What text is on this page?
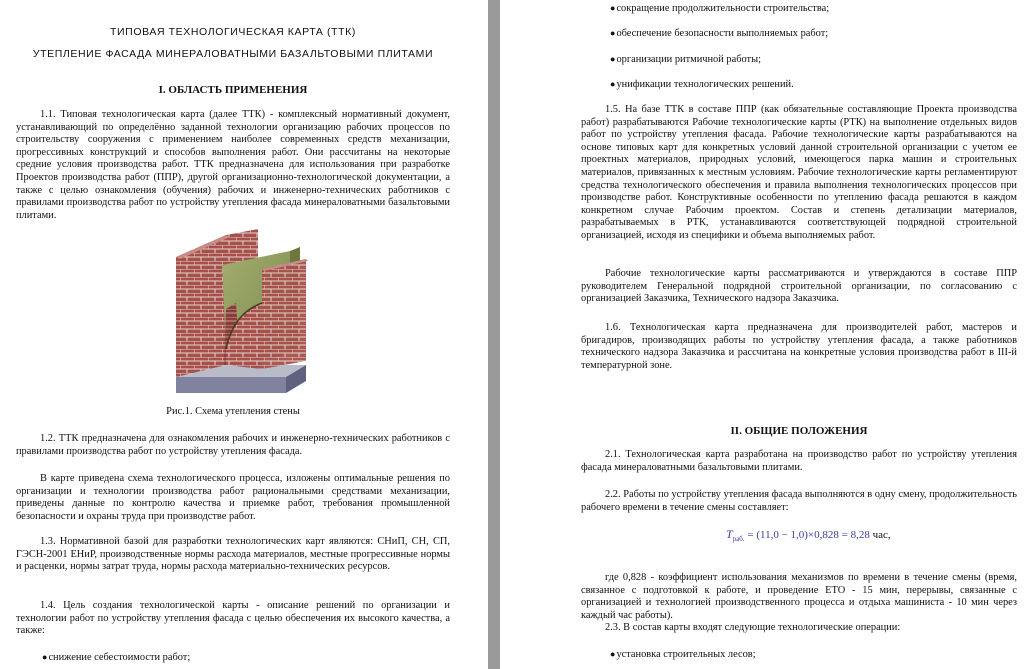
ТИПОВАЯ ТЕХНОЛОГИЧЕСКАЯ КАРТА (ТТК)
УТЕПЛЕНИЕ ФАСАДА МИНЕРАЛОВАТНЫМИ БАЗАЛЬТОВЫМИ ПЛИТАМИ
I. ОБЛАСТЬ ПРИМЕНЕНИЯ

1.1. Типовая технологическая карта (далее ТТК) - комплексный нормативный документ, устанавливающий по определённо заданной технологии организацию рабочих процессов по строительству сооружения с применением наиболее современных средств механизации, прогрессивных конструкций и способов выполнения работ. Они рассчитаны на некоторые средние условия производства работ. ТТК предназначена для использования при разработке Проектов производства работ (ППР), другой организационно-технологической документации, а также с целью ознакомления (обучения) рабочих и инженерно-технических работников с правилами производства работ по устройству утепления фасада минераловатными базальтовыми плитами.

Рис.1. Схема утепления стены

1.2. ТТК предназначена для ознакомления рабочих и инженерно-технических работников с правилами производства работ по устройству утепления фасада.

В карте приведена схема технологического процесса, изложены оптимальные решения по организации и технологии производства работ рациональными средствами механизации, приведены данные по контролю качества и приемке работ, требования промышленной безопасности и охраны труда при производстве работ.

1.3. Нормативной базой для разработки технологических карт являются: СНиП, СН, СП, ГЭСН-2001 ЕНиР, производственные нормы расхода материалов, местные прогрессивные нормы и расценки, нормы затрат труда, нормы расхода материально-технических ресурсов.

1.4. Цель создания технологической карты - описание решений по организации и технологии работ по устройству утепления фасада с целью обеспечения их высокого качества, а также:

●снижение себестоимости работ;
●сокращение продолжительности строительства;
●обеспечение безопасности выполняемых работ;
●организации ритмичной работы;
●унификации технологических решений.

1.5. На базе ТТК в составе ППР (как обязательные составляющие Проекта производства работ) разрабатываются Рабочие технологические карты (РТК) на выполнение отдельных видов работ по устройству утепления фасада. Рабочие технологические карты разрабатываются на основе типовых карт для конкретных условий данной строительной организации с учетом ее проектных материалов, природных условий, имеющегося парка машин и строительных материалов, привязанных к местным условиям. Рабочие технологические карты регламентируют средства технологического обеспечения и правила выполнения технологических процессов при производстве работ. Конструктивные особенности по утеплению фасада решаются в каждом конкретном случае Рабочим проектом. Состав и степень детализации материалов, разрабатываемых в РТК, устанавливаются соответствующей подрядной строительной организацией, исходя из специфики и объема выполняемых работ.

Рабочие технологические карты рассматриваются и утверждаются в составе ППР руководителем Генеральной подрядной строительной организации, по согласованию с организацией Заказчика, Технического надзора Заказчика.

1.6. Технологическая карта предназначена для производителей работ, мастеров и бригадиров, производящих работы по устройству утепления фасада, а также работников технического надзора Заказчика и рассчитана на конкретные условия производства работ в III-й температурной зоне.

II. ОБЩИЕ ПОЛОЖЕНИЯ

2.1. Технологическая карта разработана на производство работ по устройству утепления фасада минераловатными базальтовыми плитами.

2.2. Работы по устройству утепления фасада выполняются в одну смену, продолжительность рабочего времени в течение смены составляет:

где 0,828 - коэффициент использования механизмов по времени в течение смены (время, связанное с подготовкой к работе, и проведение ЕТО - 15 мин, перерывы, связанные с организацией и технологией производственного процесса и отдыха машиниста - 10 мин через каждый час работы).

2.3. В состав карты входят следующие технологические операции:

●установка строительных лесов;
$T_{раб.} = (11,0 - 1,0)\times 0,828 = 8,28$ час,
